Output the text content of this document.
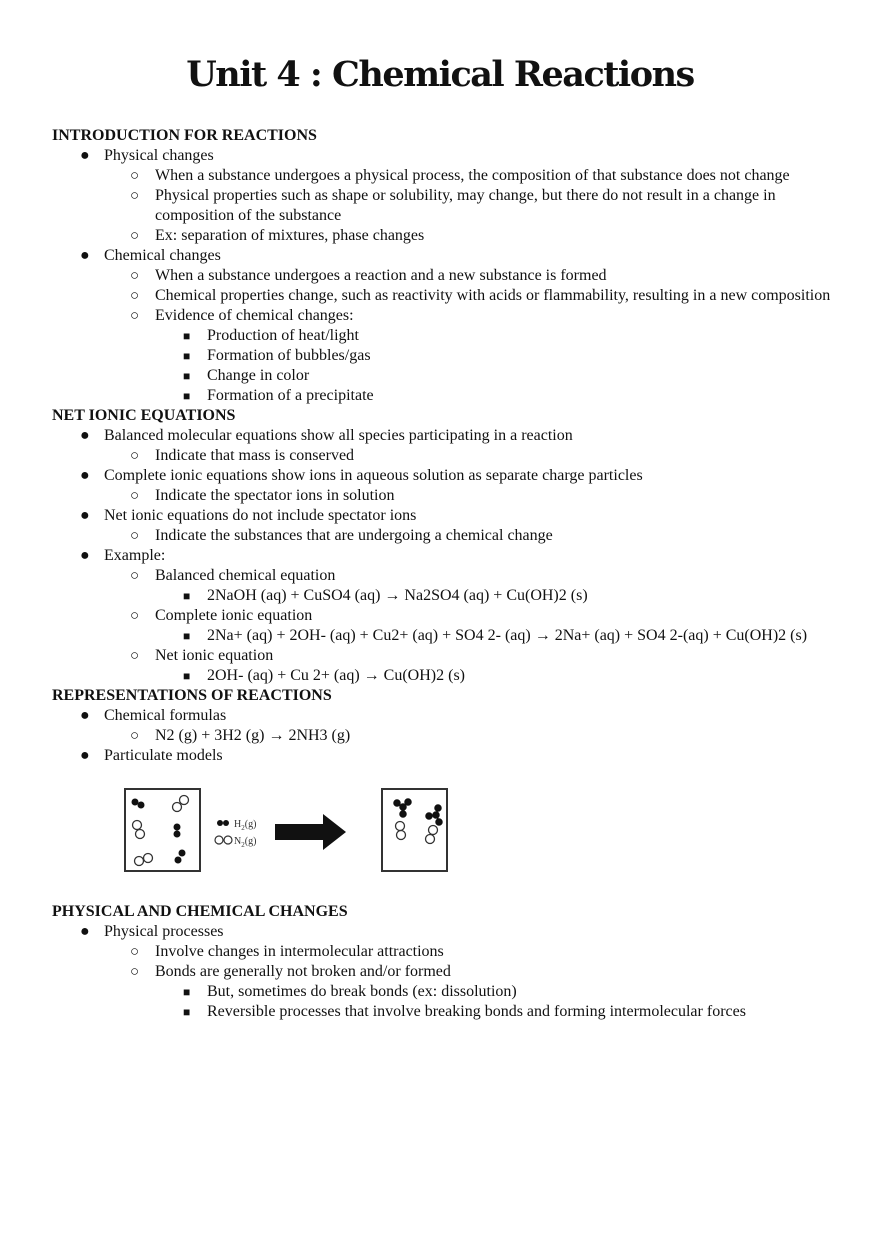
Unit 4 : Chemical Reactions

INTRODUCTION FOR REACTIONS

● Physical changes
○ When a substance undergoes a physical process, the composition of that substance does not change
○ Physical properties such as shape or solubility, may change, but there do not result in a change in composition of the substance
○ Ex: separation of mixtures, phase changes
● Chemical changes
○ When a substance undergoes a reaction and a new substance is formed
○ Chemical properties change, such as reactivity with acids or flammability, resulting in a new composition
○ Evidence of chemical changes:
■ Production of heat/light
■ Formation of bubbles/gas
■ Change in color
■ Formation of a precipitate

NET IONIC EQUATIONS

● Balanced molecular equations show all species participating in a reaction
○ Indicate that mass is conserved
● Complete ionic equations show ions in aqueous solution as separate charge particles
○ Indicate the spectator ions in solution
● Net ionic equations do not include spectator ions
○ Indicate the substances that are undergoing a chemical change
● Example:
○ Balanced chemical equation
■ 2NaOH (aq) + CuSO4 (aq) → Na2SO4 (aq) + Cu(OH)2 (s)
○ Complete ionic equation
■ 2Na+ (aq) + 2OH- (aq) + Cu2+ (aq) + SO4 2- (aq) → 2Na+ (aq) + SO4 2-(aq) + Cu(OH)2 (s)
○ Net ionic equation
■ 2OH- (aq) + Cu 2+ (aq) → Cu(OH)2 (s)

REPRESENTATIONS OF REACTIONS

● Chemical formulas
○ N2 (g) + 3H2 (g) → 2NH3 (g)
● Particulate models
$H_2(g)$
$N_2(g)$

PHYSICAL AND CHEMICAL CHANGES

● Physical processes
○ Involve changes in intermolecular attractions
○ Bonds are generally not broken and/or formed
■ But, sometimes do break bonds (ex: dissolution)
■ Reversible processes that involve breaking bonds and forming intermolecular forces
